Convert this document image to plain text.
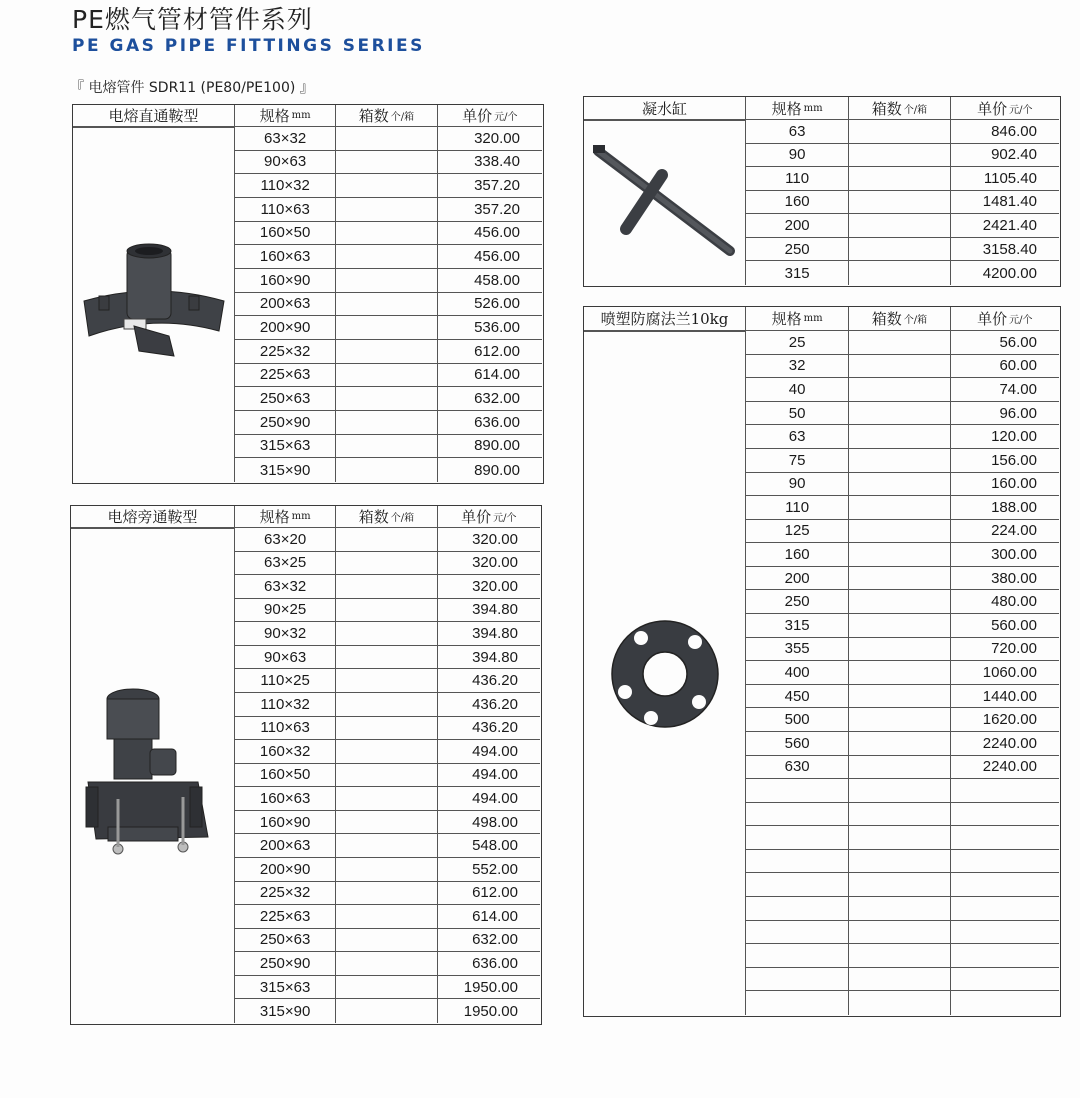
PE燃气管材管件系列
PE GAS PIPE FITTINGS SERIES
『 电熔管件 SDR11 (PE80/PE100) 』
电熔直通鞍型	规格 mm	箱数 个/箱	单价 元/个
63×32	320.00
90×63	338.40
110×32	357.20
110×63	357.20
160×50	456.00
160×63	456.00
160×90	458.00
200×63	526.00
200×90	536.00
225×32	612.00
225×63	614.00
250×63	632.00
250×90	636.00
315×63	890.00
315×90	890.00
电熔旁通鞍型	规格 mm	箱数 个/箱	单价 元/个
63×20	320.00
63×25	320.00
63×32	320.00
90×25	394.80
90×32	394.80
90×63	394.80
110×25	436.20
110×32	436.20
110×63	436.20
160×32	494.00
160×50	494.00
160×63	494.00
160×90	498.00
200×63	548.00
200×90	552.00
225×32	612.00
225×63	614.00
250×63	632.00
250×90	636.00
315×63	1950.00
315×90	1950.00
凝水缸	规格 mm	箱数 个/箱	单价 元/个
63	846.00
90	902.40
110	1105.40
160	1481.40
200	2421.40
250	3158.40
315	4200.00
喷塑防腐法兰10kg	规格 mm	箱数 个/箱	单价 元/个
25	56.00
32	60.00
40	74.00
50	96.00
63	120.00
75	156.00
90	160.00
110	188.00
125	224.00
160	300.00
200	380.00
250	480.00
315	560.00
355	720.00
400	1060.00
450	1440.00
500	1620.00
560	2240.00
630	2240.00
